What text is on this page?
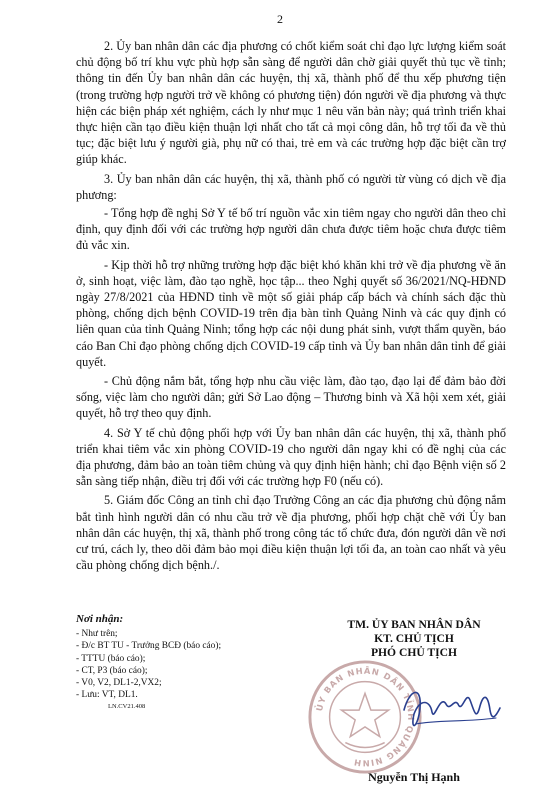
2

2. Ủy ban nhân dân các địa phương có chốt kiểm soát chỉ đạo lực lượng kiểm soát chủ động bố trí khu vực phù hợp sẵn sàng để người dân chờ giải quyết thủ tục về tỉnh; thông tin đến Ủy ban nhân dân các huyện, thị xã, thành phố để thu xếp phương tiện (trong trường hợp người trở về không có phương tiện) đón người về địa phương và thực hiện các biện pháp xét nghiệm, cách ly như mục 1 nêu văn bản này; quá trình triển khai thực hiện cần tạo điều kiện thuận lợi nhất cho tất cả mọi công dân, hỗ trợ tối đa về thủ tục; đặc biệt lưu ý người già, phụ nữ có thai, trẻ em và các trường hợp đặc biệt cần trợ giúp khác.

3. Ủy ban nhân dân các huyện, thị xã, thành phố có người từ vùng có dịch về địa phương:

- Tổng hợp đề nghị Sở Y tế bố trí nguồn vắc xin tiêm ngay cho người dân theo chỉ định, quy định đối với các trường hợp người dân chưa được tiêm hoặc chưa được tiêm đủ vắc xin.

- Kịp thời hỗ trợ những trường hợp đặc biệt khó khăn khi trở về địa phương về ăn ở, sinh hoạt, việc làm, đào tạo nghề, học tập... theo Nghị quyết số 36/2021/NQ-HĐND ngày 27/8/2021 của HĐND tỉnh về một số giải pháp cấp bách và chính sách đặc thù phòng, chống dịch bệnh COVID-19 trên địa bàn tỉnh Quảng Ninh và các quy định có liên quan của tỉnh Quảng Ninh; tổng hợp các nội dung phát sinh, vượt thẩm quyền, báo cáo Ban Chỉ đạo phòng chống dịch COVID-19 cấp tỉnh và Ủy ban nhân dân tỉnh để giải quyết.

- Chủ động nắm bắt, tổng hợp nhu cầu việc làm, đào tạo, đạo lại để đảm bảo đời sống, việc làm cho người dân; gửi Sở Lao động – Thương binh và Xã hội xem xét, giải quyết, hỗ trợ theo quy định.

4. Sở Y tế chủ động phối hợp với Ủy ban nhân dân các huyện, thị xã, thành phố triển khai tiêm vắc xin phòng COVID-19 cho người dân ngay khi có đề nghị của các địa phương, đảm bảo an toàn tiêm chủng và quy định hiện hành; chỉ đạo Bệnh viện số 2 sẵn sàng tiếp nhận, điều trị đối với các trường hợp F0 (nếu có).

5. Giám đốc Công an tỉnh chỉ đạo Trưởng Công an các địa phương chủ động nắm bắt tình hình người dân có nhu cầu trở về địa phương, phối hợp chặt chẽ với Ủy ban nhân dân các huyện, thị xã, thành phố trong công tác tổ chức đưa, đón người dân về nơi cư trú, cách ly, theo dõi đảm bảo mọi điều kiện thuận lợi tối đa, an toàn cao nhất và yêu cầu phòng chống dịch bệnh./.

Nơi nhận:
- Như trên;
- Đ/c BT TU - Trưởng BCĐ (báo cáo);
- TTTU (báo cáo);
- CT, P3 (báo cáo);
- V0, V2, DL1-2,VX2;
- Lưu: VT, DL1.
LN.CV21.408
TM. ỦY BAN NHÂN DÂN
KT. CHỦ TỊCH
PHÓ CHỦ TỊCH
ỦY BAN NHÂN DÂN TỈNH QUẢNG NINH
Nguyễn Thị Hạnh
